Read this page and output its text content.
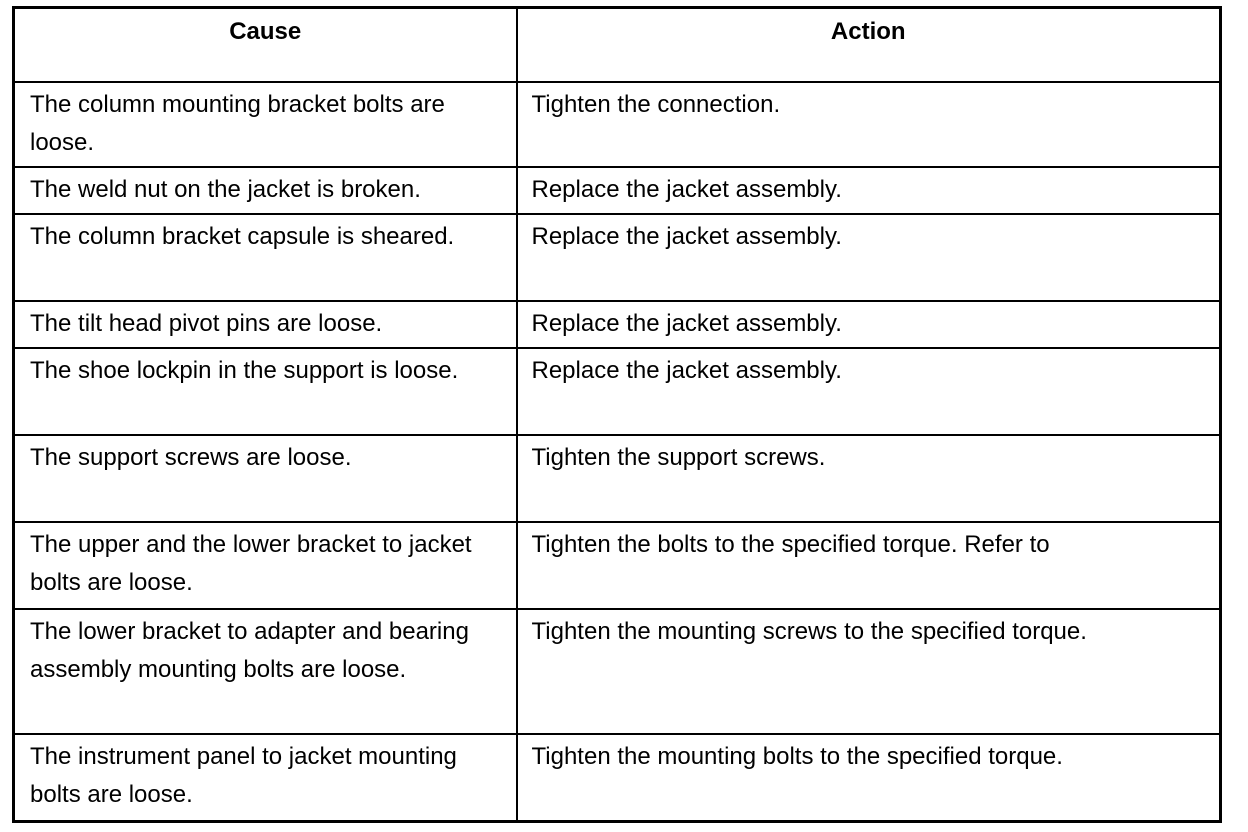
Cause	Action

The column mounting bracket bolts are loose.	Tighten the connection.
The weld nut on the jacket is broken.	Replace the jacket assembly.
The column bracket capsule is sheared.	Replace the jacket assembly.
The tilt head pivot pins are loose.	Replace the jacket assembly.
The shoe lockpin in the support is loose.	Replace the jacket assembly.
The support screws are loose.	Tighten the support screws.
The upper and the lower bracket to jacket bolts are loose.	Tighten the bolts to the specified torque. Refer to
The lower bracket to adapter and bearing assembly mounting bolts are loose.	Tighten the mounting screws to the specified torque.
The instrument panel to jacket mounting bolts are loose.	Tighten the mounting bolts to the specified torque.
